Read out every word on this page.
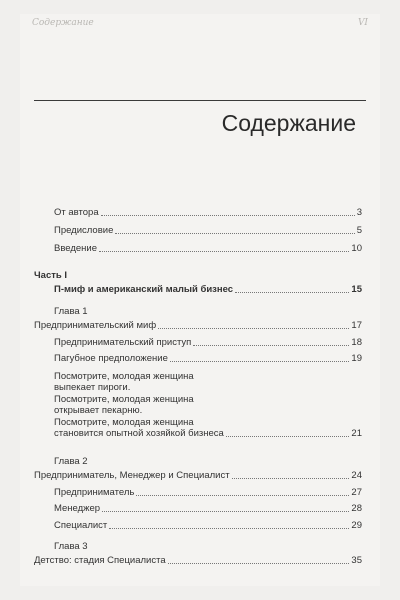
Содержание	VI
Содержание
От автора	3
Предисловие	5
Введение	10
Часть I
П-миф и американский малый бизнес	15
Глава 1
Предпринимательский миф	17
Предпринимательский приступ	18
Пагубное предположение	19
Посмотрите, молодая женщина
выпекает пироги.
Посмотрите, молодая женщина
открывает пекарню.
Посмотрите, молодая женщина
становится опытной хозяйкой бизнеса	21
Глава 2
Предприниматель, Менеджер и Специалист	24
Предприниматель	27
Менеджер	28
Специалист	29
Глава 3
Детство: стадия Специалиста	35
